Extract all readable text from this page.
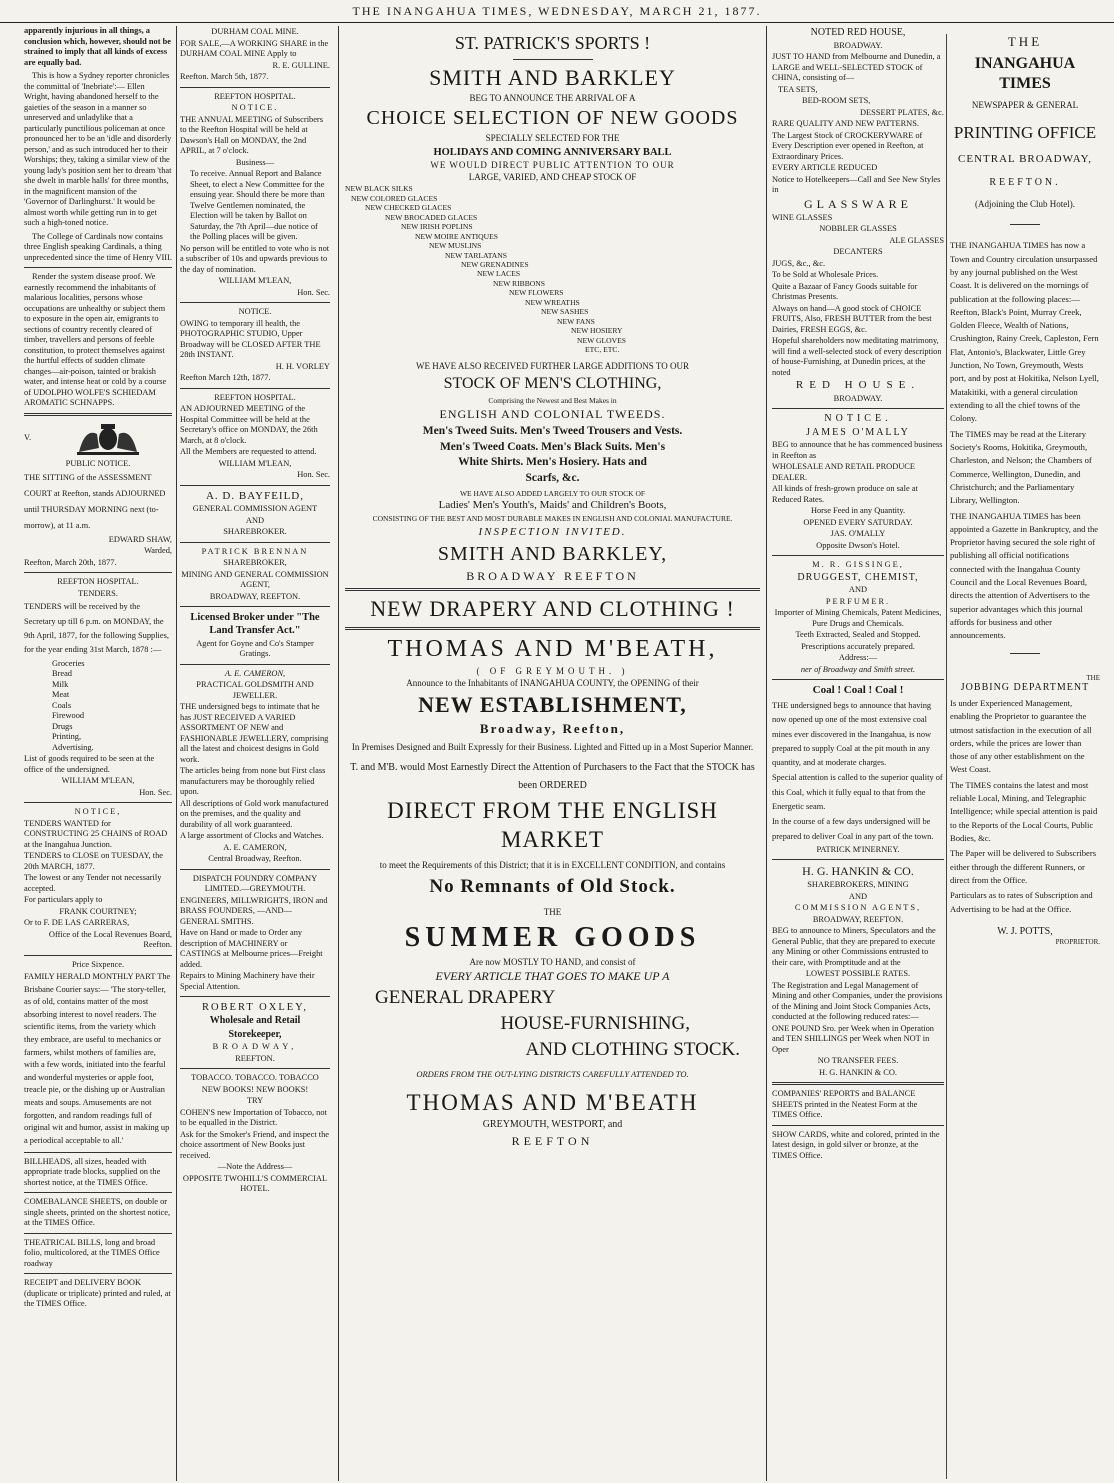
THE INANGAHUA TIMES, WEDNESDAY, MARCH 21, 1877.
apparently injurious in all things, a conclusion which, however, should not be strained to imply that all kinds of excess are equally bad.
This is how a Sydney reporter chronicles the committal of 'Inebriate':— Ellen Wright, having abandoned herself to the gaieties of the season in a manner so unreserved and unladylike that a particularly punctilious policeman at once pronounced her to be an 'idle and disorderly person,' and as such introduced her to their Worships; they, taking a similar view of the young lady's position sent her to dream 'that she dwelt in marble halls' for three months, in the magnificent mansion of the 'Governor of Darlinghurst.' It would be almost worth while getting run in to get such a high-toned notice.
The College of Cardinals now contains three English speaking Cardinals, a thing unprecedented since the time of Henry VIII.
Render the system disease proof. We earnestly recommend the inhabitants of malarious localities, persons whose occupations are unhealthy or subject them to exposure in the open air, emigrants to sections of country recently cleared of timber, travellers and persons of feeble constitution, to protect themselves against the hurtful effects of sudden climate changes—air-poison, tainted or brakish water, and intense heat or cold by a course of UDOLPHO WOLFE'S SCHIEDAM AROMATIC SCHNAPPS.
V.

PUBLIC NOTICE.

THE SITTING of the ASSESSMENT COURT at Reefton, stands ADJOURNED until THURSDAY MORNING next (to-morrow), at 11 a.m.

EDWARD SHAW,

Warded,

Reefton, March 20th, 1877.

REEFTON HOSPITAL.

TENDERS.

TENDERS will be received by the Secretary up till 6 p.m. on MONDAY, the 9th April, 1877, for the following Supplies, for the year ending 31st March, 1878 :—

Groceries
Bread
Milk
Meat
Coals
Firewood
Drugs
Printing,
Advertising.

List of goods required to be seen at the office of the undersigned.

WILLIAM M'LEAN,

Hon. Sec.

NOTICE,

TENDERS WANTED for CONSTRUCTING 25 CHAINS of ROAD at the Inangahua Junction.

TENDERS to CLOSE on TUESDAY, the 20th MARCH, 1877.

The lowest or any Tender not necessarily accepted.

For particulars apply to

FRANK COURTNEY;

Or to F. DE LAS CARRERAS,

Office of the Local Revenues Board, Reefton.

Price Sixpence.

FAMILY HERALD MONTHLY PART The Brisbane Courier says:— 'The story-teller, as of old, contains matter of the most absorbing interest to novel readers. The scientific items, from the variety which they embrace, are useful to mechanics or farmers, whilst mothers of families are, with a few words, initiated into the fearful and wonderful mysteries or apple foot, treacle pie, or the dishing up or Australian meats and soups. Amusements are not forgotten, and random readings full of original wit and humor, assist in making up a periodical acceptable to all.'

BILLHEADS, all sizes, headed with appropriate trade blocks, supplied on the shortest notice, at the TIMES Office.
COMEBALANCE SHEETS, on double or single sheets, printed on the shortest notice, at the TIMES Office.
THEATRICAL BILLS, long and broad folio, multicolored, at the TIMES Office roadway
RECEIPT and DELIVERY BOOK (duplicate or triplicate) printed and ruled, at the TIMES Office.

DURHAM COAL MINE.

FOR SALE,—A WORKING SHARE in the DURHAM COAL MINE Apply to

R. E. GULLINE.

Reefton. March 5th, 1877.

REEFTON HOSPITAL.

NOTICE.

THE ANNUAL MEETING of Subscribers to the Reefton Hospital will be held at Dawson's Hall on MONDAY, the 2nd APRIL, at 7 o'clock.

Business—

To receive. Annual Report and Balance Sheet, to elect a New Committee for the ensuing year. Should there be more than Twelve Gentlemen nominated, the Election will be taken by Ballot on Saturday, the 7th April—due notice of the Polling places will be given.

No person will be entitled to vote who is not a subscriber of 10s and upwards previous to the day of nomination.

WILLIAM M'LEAN,

Hon. Sec.

NOTICE.

OWING to temporary ill health, the PHOTOGRAPHIC STUDIO, Upper Broadway will be CLOSED AFTER THE 28th INSTANT.

H. H. VORLEY

Reefton March 12th, 1877.

REEFTON HOSPITAL.

AN ADJOURNED MEETING of the Hospital Committee will be held at the Secretary's office on MONDAY, the 26th March, at 8 o'clock.

All the Members are requested to attend.

WILLIAM M'LEAN,

Hon. Sec.

A. D. BAYFEILD,

GENERAL COMMISSION AGENT

AND

SHAREBROKER.

PATRICK BRENNAN

SHAREBROKER,

MINING AND GENERAL COMMISSION AGENT,

BROADWAY, REEFTON.

Licensed Broker under "The Land Transfer Act."

Agent for Goyne and Co's Stamper Gratings.

A. E. CAMERON,

PRACTICAL GOLDSMITH AND JEWELLER.

THE undersigned begs to intimate that he has JUST RECEIVED A VARIED ASSORTMENT OF NEW and FASHIONABLE JEWELLERY, comprising all the latest and choicest designs in Gold work.

The articles being from none but First class manufacturers may be thoroughly relied upon.

All descriptions of Gold work manufactured on the premises, and the quality and durability of all work guaranteed.

A large assortment of Clocks and Watches.

A. E. CAMERON,

Central Broadway, Reefton.

DISPATCH FOUNDRY COMPANY LIMITED.—GREYMOUTH.

ENGINEERS, MILLWRIGHTS, IRON and BRASS FOUNDERS, —AND— GENERAL SMITHS.

Have on Hand or made to Order any description of MACHINERY or CASTINGS at Melbourne prices—Freight added.

Repairs to Mining Machinery have their Special Attention.

ROBERT OXLEY,

Wholesale and Retail

Storekeeper,

BROADWAY,

REEFTON.

TOBACCO. TOBACCO. TOBACCO

NEW BOOKS! NEW BOOKS!

TRY

COHEN'S new Importation of Tobacco, not to be equalled in the District.

Ask for the Smoker's Friend, and inspect the choice assortment of New Books just received.

—Note the Address—

OPPOSITE TWOHILL'S COMMERCIAL HOTEL.

ST. PATRICK'S SPORTS !
SMITH AND BARKLEY
BEG TO ANNOUNCE THE ARRIVAL OF A
CHOICE SELECTION OF NEW GOODS
SPECIALLY SELECTED FOR THE
HOLIDAYS AND COMING ANNIVERSARY BALL
WE WOULD DIRECT PUBLIC ATTENTION TO OUR
LARGE, VARIED, AND CHEAP STOCK OF
NEW BLACK SILKS
NEW COLORED GLACES
NEW CHECKED GLACES
NEW BROCADED GLACES
NEW IRISH POPLINS
NEW MOIRE ANTIQUES
NEW MUSLINS
NEW TARLATANS
NEW GRENADINES
NEW LACES
NEW RIBBONS
NEW FLOWERS
NEW WREATHS
NEW SASHES
NEW FANS
NEW HOSIERY
NEW GLOVES
ETC, ETC.
WE HAVE ALSO RECEIVED FURTHER LARGE ADDITIONS TO OUR
STOCK OF MEN'S CLOTHING,
Comprising the Newest and Best Makes in
ENGLISH AND COLONIAL TWEEDS.
Men's Tweed Suits. Men's Tweed Trousers and Vests.
Men's Tweed Coats. Men's Black Suits. Men's
White Shirts. Men's Hosiery. Hats and
Scarfs, &c.
WE HAVE ALSO ADDED LARGELY TO OUR STOCK OF
Ladies' Men's Youth's, Maids' and Children's Boots,
CONSISTING OF THE BEST AND MOST DURABLE MAKES IN ENGLISH AND COLONIAL MANUFACTURE.
INSPECTION INVITED.
SMITH AND BARKLEY,
BROADWAY REEFTON
NEW DRAPERY AND CLOTHING !
THOMAS AND M'BEATH,
( OF GREYMOUTH. )
Announce to the Inhabitants of INANGAHUA COUNTY, the OPENING of their
NEW ESTABLISHMENT,
Broadway, Reefton,
In Premises Designed and Built Expressly for their Business. Lighted and Fitted up in a Most Superior Manner.
T. and M'B. would Most Earnestly Direct the Attention of Purchasers to the Fact that the STOCK has been ORDERED
DIRECT FROM THE ENGLISH MARKET
to meet the Requirements of this District; that it is in EXCELLENT CONDITION, and contains
No Remnants of Old Stock.
THE
SUMMER GOODS
Are now MOSTLY TO HAND, and consist of
EVERY ARTICLE THAT GOES TO MAKE UP A
GENERAL DRAPERY
HOUSE-FURNISHING,
AND CLOTHING STOCK.
ORDERS FROM THE OUT-LYING DISTRICTS CAREFULLY ATTENDED TO.
THOMAS AND M'BEATH
GREYMOUTH, WESTPORT, and
REEFTON

NOTED RED HOUSE,

BROADWAY.

JUST TO HAND from Melbourne and Dunedin, a LARGE and WELL-SELECTED STOCK of CHINA, consisting of—

TEA SETS,

BED-ROOM SETS,

DESSERT PLATES, &c.

RARE QUALITY AND NEW PATTERNS.

The Largest Stock of CROCKERYWARE of Every Description ever opened in Reefton, at Extraordinary Prices.

EVERY ARTICLE REDUCED

Notice to Hotelkeepers—Call and See New Styles in

GLASSWARE

WINE GLASSES

NOBBLER GLASSES

ALE GLASSES

DECANTERS

JUGS, &c., &c.

To be Sold at Wholesale Prices.

Quite a Bazaar of Fancy Goods suitable for Christmas Presents.

Always on hand—A good stock of CHOICE FRUITS, Also, FRESH BUTTER from the best Dairies, FRESH EGGS, &c.

Hopeful shareholders now meditating matrimony, will find a well-selected stock of every description of house-Furnishing, at Dunedin prices, at the noted

RED HOUSE.

BROADWAY.

NOTICE.

JAMES O'MALLY

BEG to announce that he has commenced business in Reefton as

WHOLESALE AND RETAIL PRODUCE DEALER.

All kinds of fresh-grown produce on sale at Reduced Rates.

Horse Feed in any Quantity.

OPENED EVERY SATURDAY.

JAS. O'MALLY

Opposite Dwson's Hotel.

M. R. GISSINGE,

DRUGGEST, CHEMIST,

AND

PERFUMER.

Importer of Mining Chemicals, Patent Medicines, Pure Drugs and Chemicals.

Teeth Extracted, Sealed and Stopped.

Prescriptions accurately prepared.

Address:—

ner of Broadway and Smith street.

Coal ! Coal ! Coal !

THE undersigned begs to announce that having now opened up one of the most extensive coal mines ever discovered in the Inangahua, is now prepared to supply Coal at the pit mouth in any quantity, and at moderate charges.

Special attention is called to the superior quality of this Coal, which it fully equal to that from the Energetic seam.

In the course of a few days undersigned will be prepared to deliver Coal in any part of the town.

PATRICK M'INERNEY.

H. G. HANKIN & CO.

SHAREBROKERS, MINING

AND

COMMISSION AGENTS,

BROADWAY, REEFTON.

BEG to announce to Miners, Speculators and the General Public, that they are prepared to execute any Mining or other Commissions entrusted to their care, with Promptitude and at the

LOWEST POSSIBLE RATES.

The Registration and Legal Management of Mining and other Companies, under the provisions of the Mining and Joint Stock Companies Acts, conducted at the following reduced rates:—

ONE POUND Sro. per Week when in Operation and TEN SHILLINGS per Week when NOT in Oper

NO TRANSFER FEES.

H. G. HANKIN & CO.

COMPANIES' REPORTS and BALANCE SHEETS printed in the Neatest Form at the TIMES Office.
SHOW CARDS, white and colored, printed in the latest design, in gold silver or bronze, at the TIMES Office.
THE
INANGAHUA TIMES
NEWSPAPER & GENERAL
PRINTING OFFICE
CENTRAL BROADWAY,
REEFTON.
(Adjoining the Club Hotel).

THE INANGAHUA TIMES has now a Town and Country circulation unsurpassed by any journal published on the West Coast. It is delivered on the mornings of publication at the following places:—Reefton, Black's Point, Murray Creek, Golden Fleece, Wealth of Nations, Crushington, Rainy Creek, Capleston, Fern Flat, Antonio's, Blackwater, Little Grey Junction, No Town, Greymouth, Wests port, and by post at Hokitika, Nelson Lyell, Matakitiki, with a general circulation extending to all the chief towns of the Colony.

The TIMES may be read at the Literary Society's Rooms, Hokitika, Greymouth, Charleston, and Nelson; the Chambers of Commerce, Wellington, Dunedin, and Christchurch; and the Parliamentary Library, Wellington.

THE INANGAHUA TIMES has been appointed a Gazette in Bankruptcy, and the Proprietor having secured the sole right of publishing all official notifications connected with the Inangahua County Council and the Local Revenues Board, directs the attention of Advertisers to the superior advantages which this journal affords for business and other announcements.

THE
JOBBING DEPARTMENT

Is under Experienced Management, enabling the Proprietor to guarantee the utmost satisfaction in the execution of all orders, while the prices are lower than those of any other establishment on the West Coast.

The TIMES contains the latest and most reliable Local, Mining, and Telegraphic Intelligence; while special attention is paid to the Reports of the Local Courts, Public Bodies, &c.

The Paper will be delivered to Subscribers either through the different Runners, or direct from the Office.

Particulars as to rates of Subscription and Advertising to be had at the Office.

W. J. POTTS,
PROPRIETOR.
